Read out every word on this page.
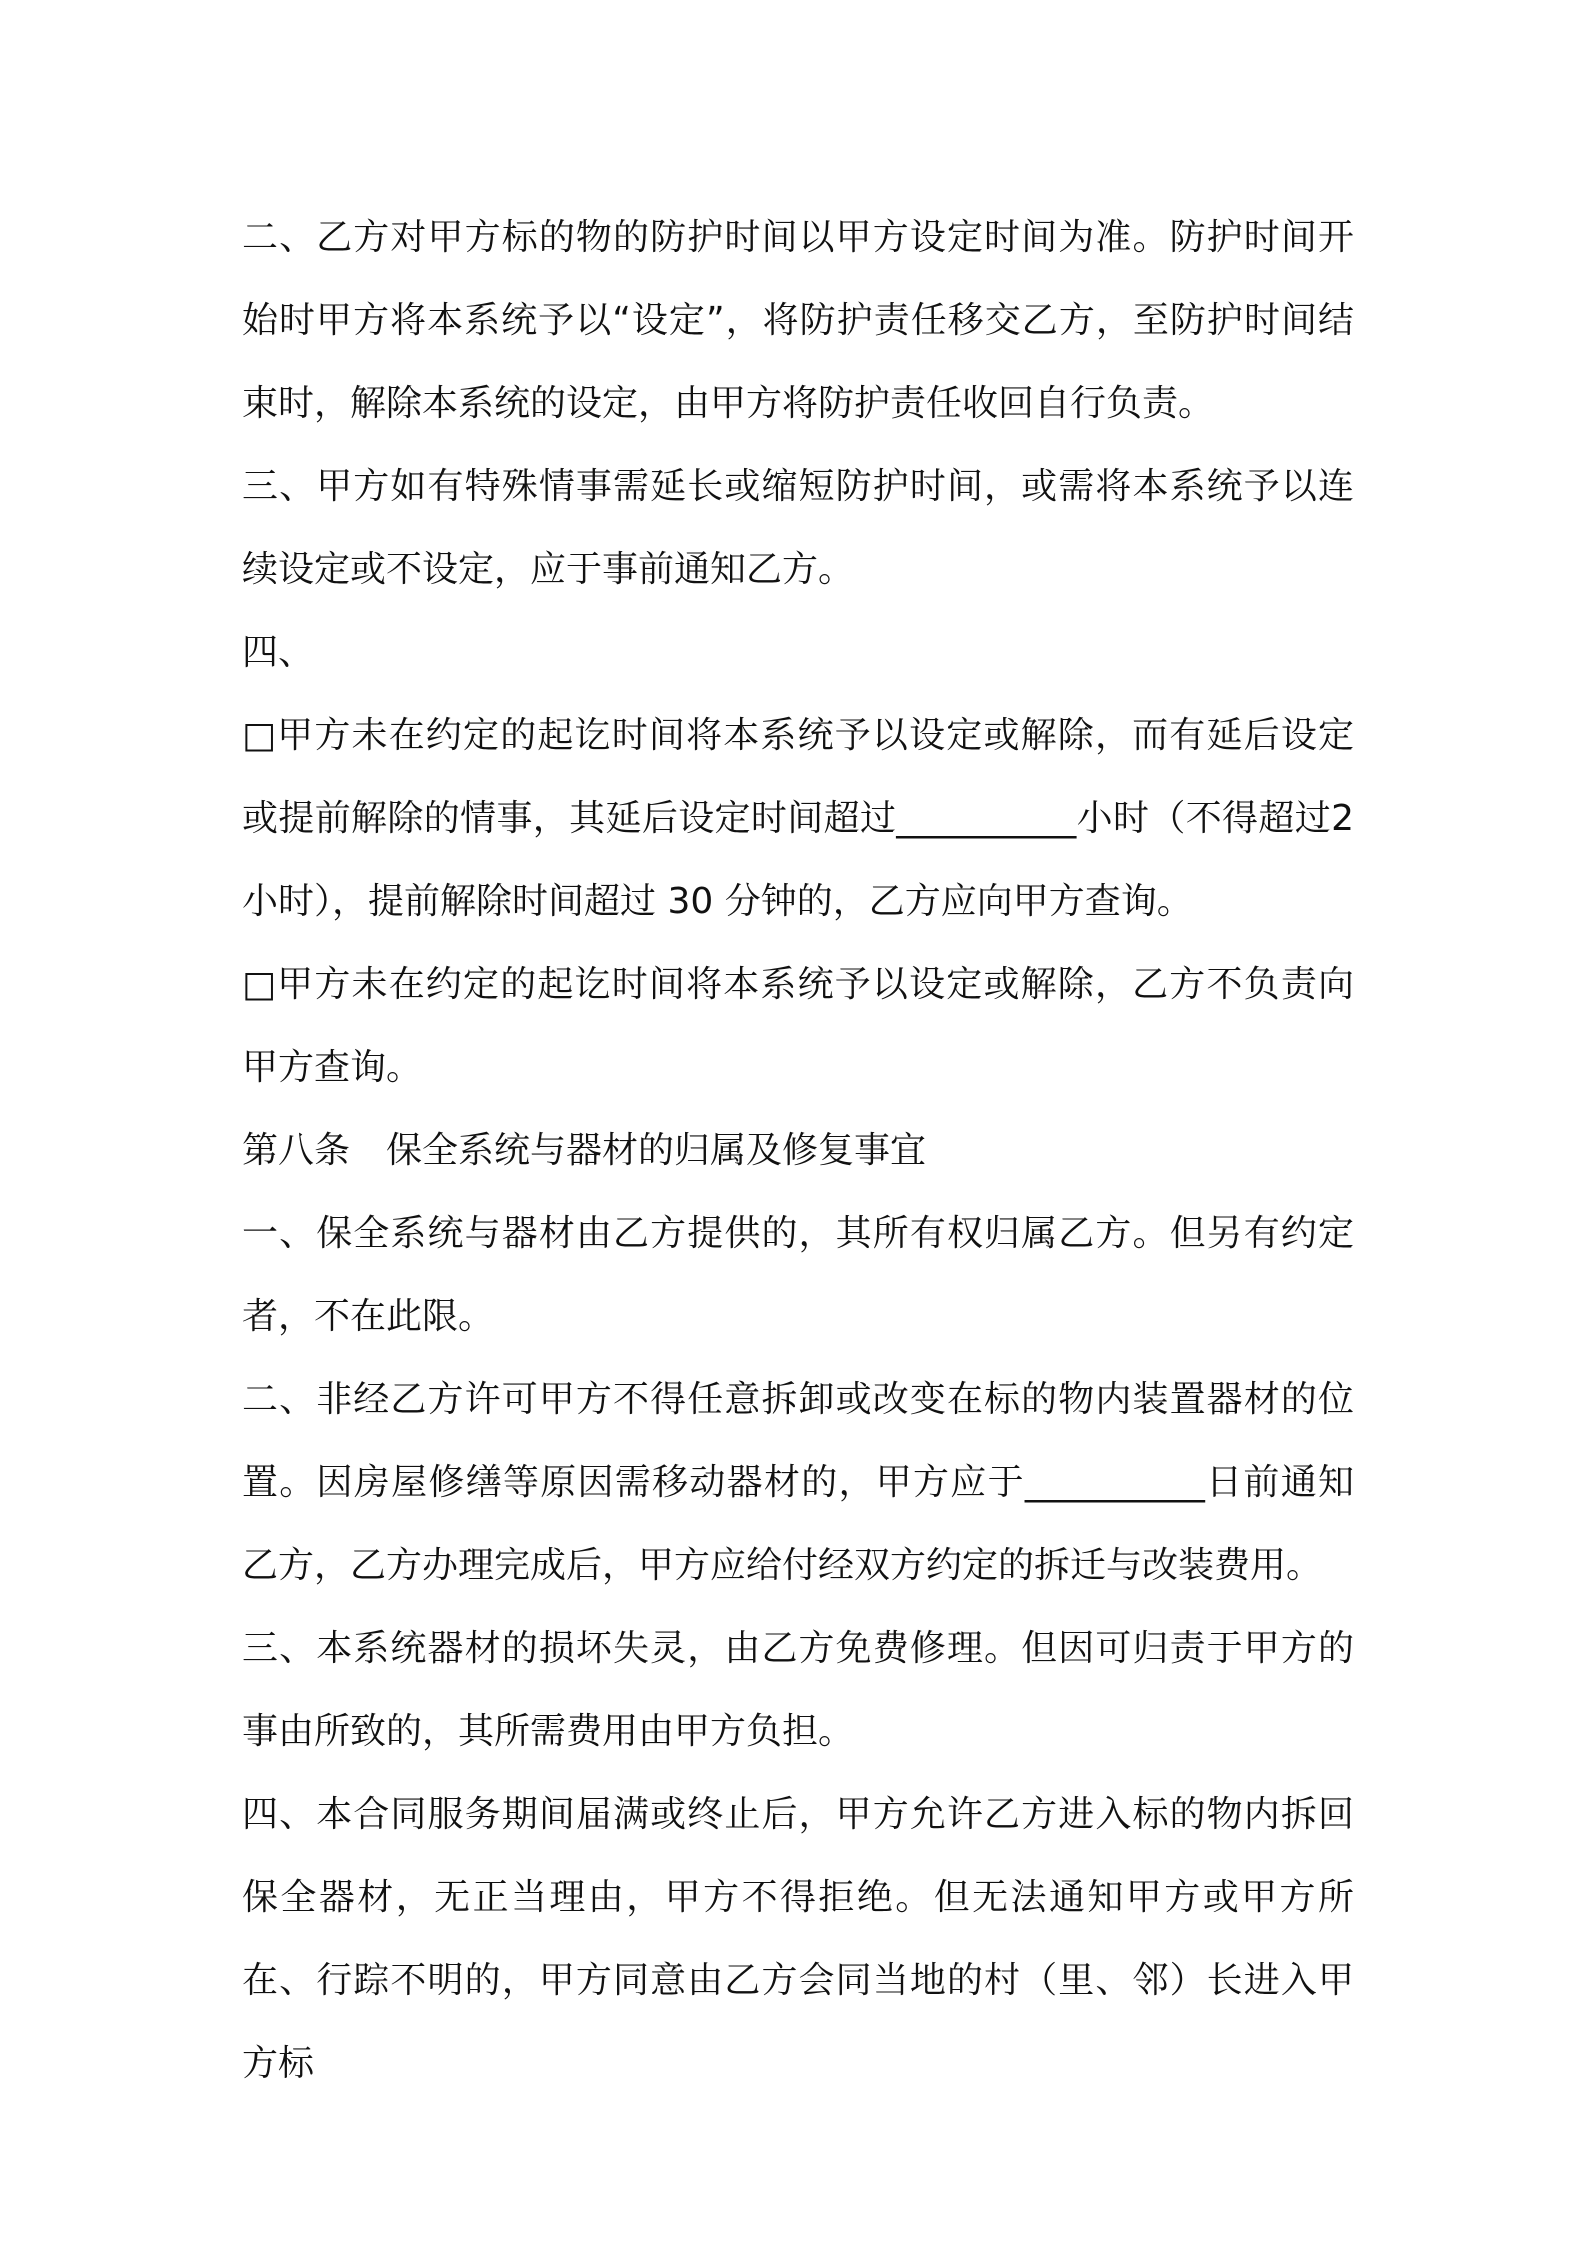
二、乙方对甲方标的物的防护时间以甲方设定时间为准。防护时间开始时甲方将本系统予以“设定”，将防护责任移交乙方，至防护时间结束时，解除本系统的设定，由甲方将防护责任收回自行负责。

三、甲方如有特殊情事需延长或缩短防护时间，或需将本系统予以连续设定或不设定，应于事前通知乙方。

四、

□甲方未在约定的起讫时间将本系统予以设定或解除，而有延后设定或提前解除的情事，其延后设定时间超过__________小时（不得超过2 小时），提前解除时间超过 30 分钟的，乙方应向甲方查询。

□甲方未在约定的起讫时间将本系统予以设定或解除，乙方不负责向甲方查询。

第八条　保全系统与器材的归属及修复事宜

一、保全系统与器材由乙方提供的，其所有权归属乙方。但另有约定者，不在此限。

二、非经乙方许可甲方不得任意拆卸或改变在标的物内装置器材的位置。因房屋修缮等原因需移动器材的，甲方应于__________日前通知乙方，乙方办理完成后，甲方应给付经双方约定的拆迁与改装费用。

三、本系统器材的损坏失灵，由乙方免费修理。但因可归责于甲方的事由所致的，其所需费用由甲方负担。

四、本合同服务期间届满或终止后，甲方允许乙方进入标的物内拆回保全器材，无正当理由，甲方不得拒绝。但无法通知甲方或甲方所在、行踪不明的，甲方同意由乙方会同当地的村（里、邻）长进入甲方标
